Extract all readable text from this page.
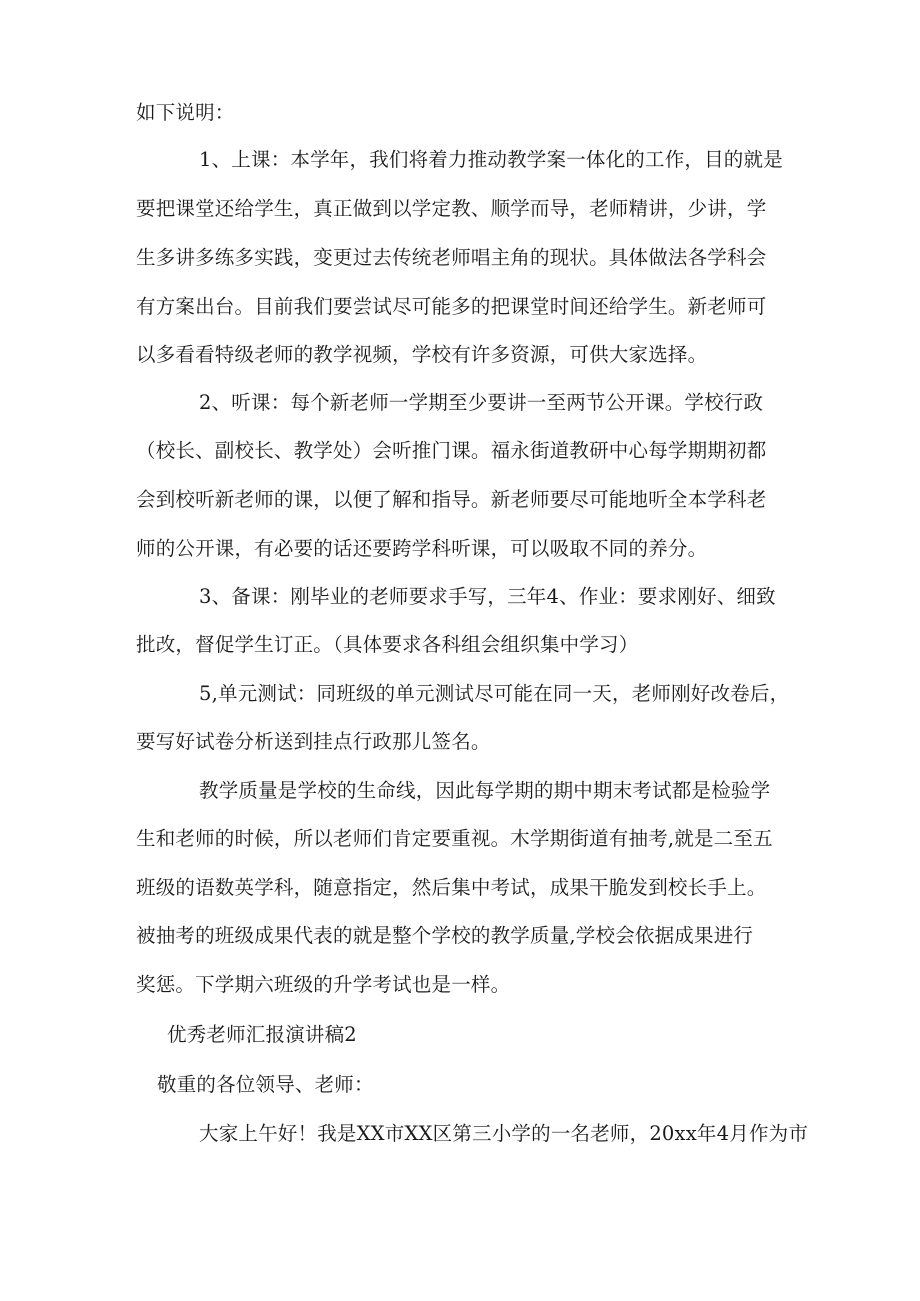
如下说明：

1、上课：本学年，我们将着力推动教学案一体化的工作，目的就是

要把课堂还给学生，真正做到以学定教、顺学而导，老师精讲，少讲，学

生多讲多练多实践，变更过去传统老师唱主角的现状。具体做法各学科会

有方案出台。目前我们要尝试尽可能多的把课堂时间还给学生。新老师可

以多看看特级老师的教学视频，学校有许多资源，可供大家选择。

2、听课：每个新老师一学期至少要讲一至两节公开课。学校行政

（校长、副校长、教学处）会听推门课。福永街道教研中心每学期期初都

会到校听新老师的课，以便了解和指导。新老师要尽可能地听全本学科老

师的公开课，有必要的话还要跨学科听课，可以吸取不同的养分。

3、备课：刚毕业的老师要求手写，三年4、作业：要求刚好、细致

批改，督促学生订正。（具体要求各科组会组织集中学习）

5,单元测试：同班级的单元测试尽可能在同一天，老师刚好改卷后，

要写好试卷分析送到挂点行政那儿签名。

教学质量是学校的生命线，因此每学期的期中期末考试都是检验学

生和老师的时候，所以老师们肯定要重视。木学期街道有抽考,就是二至五

班级的语数英学科，随意指定，然后集中考试，成果干脆发到校长手上。

被抽考的班级成果代表的就是整个学校的教学质量,学校会依据成果进行

奖惩。下学期六班级的升学考试也是一样。

优秀老师汇报演讲稿2

敬重的各位领导、老师：

大家上午好！我是XX市XX区第三小学的一名老师，20xx年4月作为市
